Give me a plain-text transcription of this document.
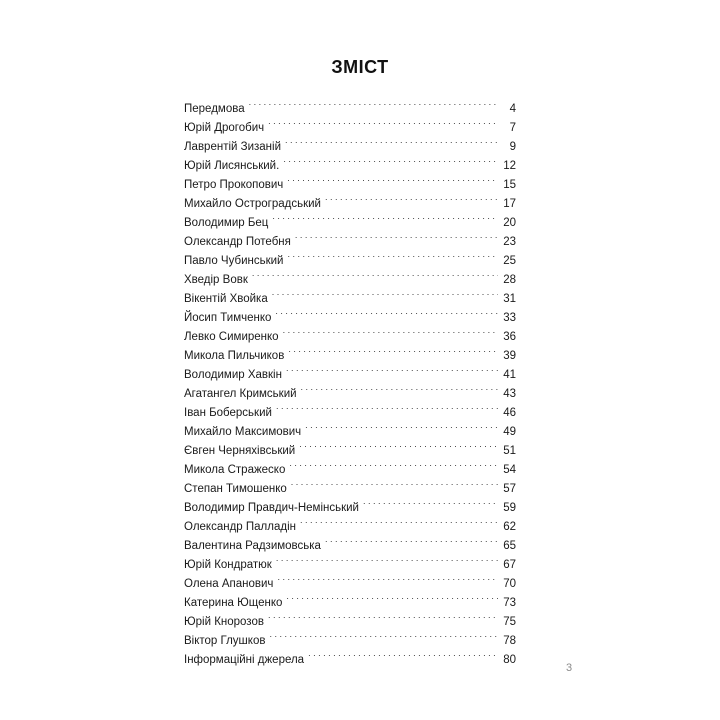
ЗМІСТ
Передмова . . .	4
Юрій Дрогобич . . .	7
Лаврентій Зизаній . . .	9
Юрій Лисянський. . . .	12
Петро Прокопович . . .	15
Михайло Остроградський . . .	17
Володимир Бец . . .	20
Олександр Потебня . . .	23
Павло Чубинський . . .	25
Хведір Вовк . . .	28
Вікентій Хвойка . . .	31
Йосип Тимченко . . .	33
Левко Симиренко . . .	36
Микола Пильчиков . . .	39
Володимир Хавкін . . .	41
Агатангел Кримський . . .	43
Іван Боберський . . .	46
Михайло Максимович . . .	49
Євген Черняхівський . . .	51
Микола Стражеско . . .	54
Степан Тимошенко . . .	57
Володимир Правдич-Немінський . . .	59
Олександр Палладін . . .	62
Валентина Радзимовська . . .	65
Юрій Кондратюк . . .	67
Олена Апанович . . .	70
Катерина Ющенко . . .	73
Юрій Кнорозов . . .	75
Віктор Глушков . . .	78
Інформаційні джерела . . .	80
3
